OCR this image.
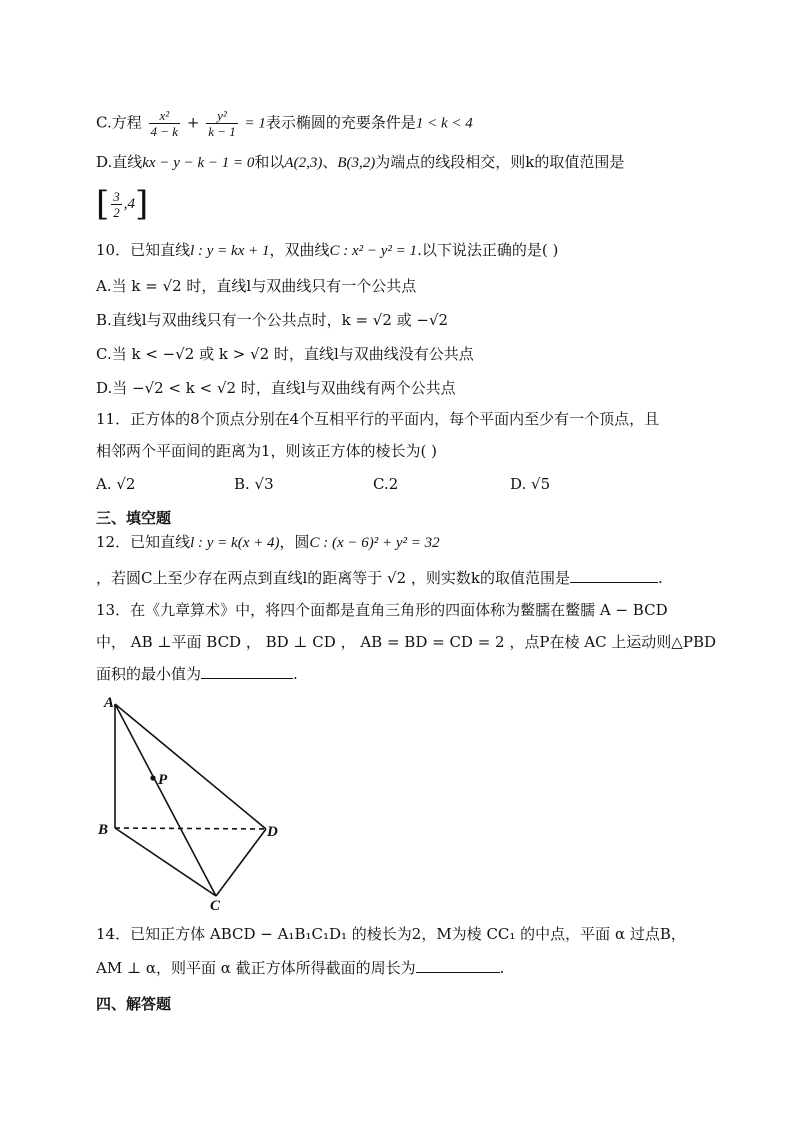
C.方程 $\frac{\text{x²}}{4 - k} + \frac{\text{y²}}{k - 1} = 1$表示椭圆的充要条件是1 < k < 4
D.直线kx − y − k − 1 = 0和以A(2,3)、B(3,2)为端点的线段相交，则k的取值范围是
[ $\frac{3}{2} ,4$]
10．已知直线l : y = kx + 1，双曲线C : x² − y² = 1.以下说法正确的是( )
A.当 k = √2 时，直线l与双曲线只有一个公共点
B.直线l与双曲线只有一个公共点时，k = √2 或 −√2
C.当 k < −√2 或 k > √2 时，直线l与双曲线没有公共点
D.当 −√2 < k < √2 时，直线l与双曲线有两个公共点
11．正方体的8个顶点分别在4个互相平行的平面内，每个平面内至少有一个顶点，且
相邻两个平面间的距离为1，则该正方体的棱长为( )
A. √2	B. √3	C.2	D. √5
三、填空题
12．已知直线l : y = k(x + 4)，圆C : (x − 6)² + y² = 32
，若圆C上至少存在两点到直线l的距离等于 √2 ，则实数k的取值范围是	.
13．在《九章算术》中，将四个面都是直角三角形的四面体称为鳖臑在鳖臑 A − BCD
中， AB ⊥平面 BCD ， BD ⊥ CD ， AB = BD = CD = 2 ，点P在棱 AC 上运动则△PBD
面积的最小值为	.
A
P
B	D
C
14．已知正方体 ABCD − A₁B₁C₁D₁ 的棱长为2，M为棱 CC₁ 的中点，平面 α 过点B，
AM ⊥ α，则平面 α 截正方体所得截面的周长为	.
四、解答题
